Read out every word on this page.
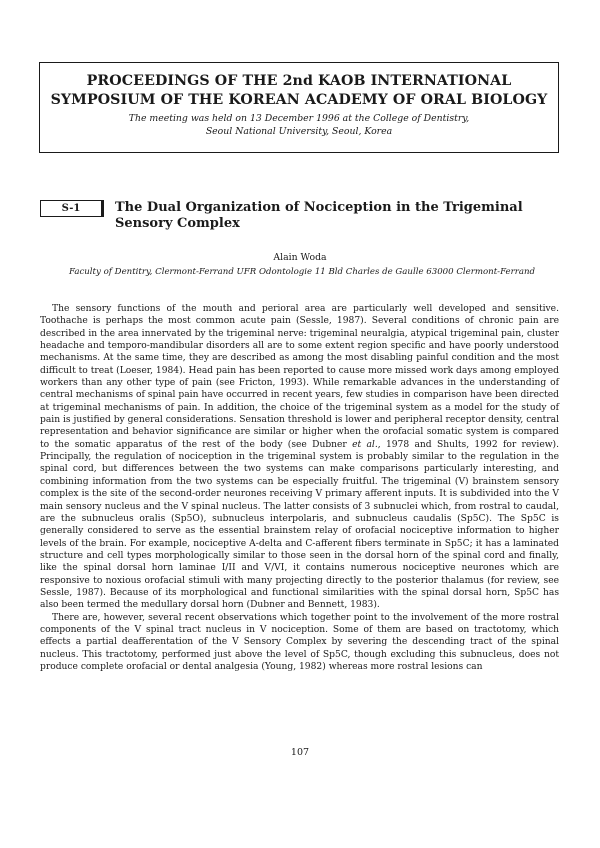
PROCEEDINGS OF THE 2nd KAOB INTERNATIONAL
SYMPOSIUM OF THE KOREAN ACADEMY OF ORAL BIOLOGY
The meeting was held on 13 December 1996 at the College of Dentistry,
Seoul National University, Seoul, Korea
S-1	The Dual Organization of Nociception in the Trigeminal Sensory Complex
Alain Woda
Faculty of Dentitry, Clermont-Ferrand UFR Odontologie 11 Bld Charles de Gaulle 63000 Clermont-Ferrand

The sensory functions of the mouth and perioral area are particularly well developed and sensitive. Toothache is perhaps the most common acute pain (Sessle, 1987). Several conditions of chronic pain are described in the area innervated by the trigeminal nerve: trigeminal neuralgia, atypical trigeminal pain, cluster headache and temporo-mandibular disorders all are to some extent region specific and have poorly understood mechanisms. At the same time, they are described as among the most disabling painful condition and the most difficult to treat (Loeser, 1984). Head pain has been reported to cause more missed work days among employed workers than any other type of pain (see Fricton, 1993). While remarkable advances in the understanding of central mechanisms of spinal pain have occurred in recent years, few studies in comparison have been directed at trigeminal mechanisms of pain. In addition, the choice of the trigeminal system as a model for the study of pain is justified by general considerations. Sensation threshold is lower and peripheral receptor density, central representation and behavior significance are similar or higher when the orofacial somatic system is compared to the somatic apparatus of the rest of the body (see Dubner et al., 1978 and Shults, 1992 for review). Principally, the regulation of nociception in the trigeminal system is probably similar to the regulation in the spinal cord, but differences between the two systems can make comparisons particularly interesting, and combining information from the two systems can be especially fruitful. The trigeminal (V) brainstem sensory complex is the site of the second-order neurones receiving V primary afferent inputs. It is subdivided into the V main sensory nucleus and the V spinal nucleus. The latter consists of 3 subnuclei which, from rostral to caudal, are the subnucleus oralis (Sp5O), subnucleus interpolaris, and subnucleus caudalis (Sp5C). The Sp5C is generally considered to serve as the essential brainstem relay of orofacial nociceptive information to higher levels of the brain. For example, nociceptive A-delta and C-afferent fibers terminate in Sp5C; it has a laminated structure and cell types morphologically similar to those seen in the dorsal horn of the spinal cord and finally, like the spinal dorsal horn laminae I/II and V/VI, it contains numerous nociceptive neurones which are responsive to noxious orofacial stimuli with many projecting directly to the posterior thalamus (for review, see Sessle, 1987). Because of its morphological and functional similarities with the spinal dorsal horn, Sp5C has also been termed the medullary dorsal horn (Dubner and Bennett, 1983).

There are, however, several recent observations which together point to the involvement of the more rostral components of the V spinal tract nucleus in V nociception. Some of them are based on tractotomy, which effects a partial deafferentation of the V Sensory Complex by severing the descending tract of the spinal nucleus. This tractotomy, performed just above the level of Sp5C, though excluding this subnucleus, does not produce complete orofacial or dental analgesia (Young, 1982) whereas more rostral lesions can

107
